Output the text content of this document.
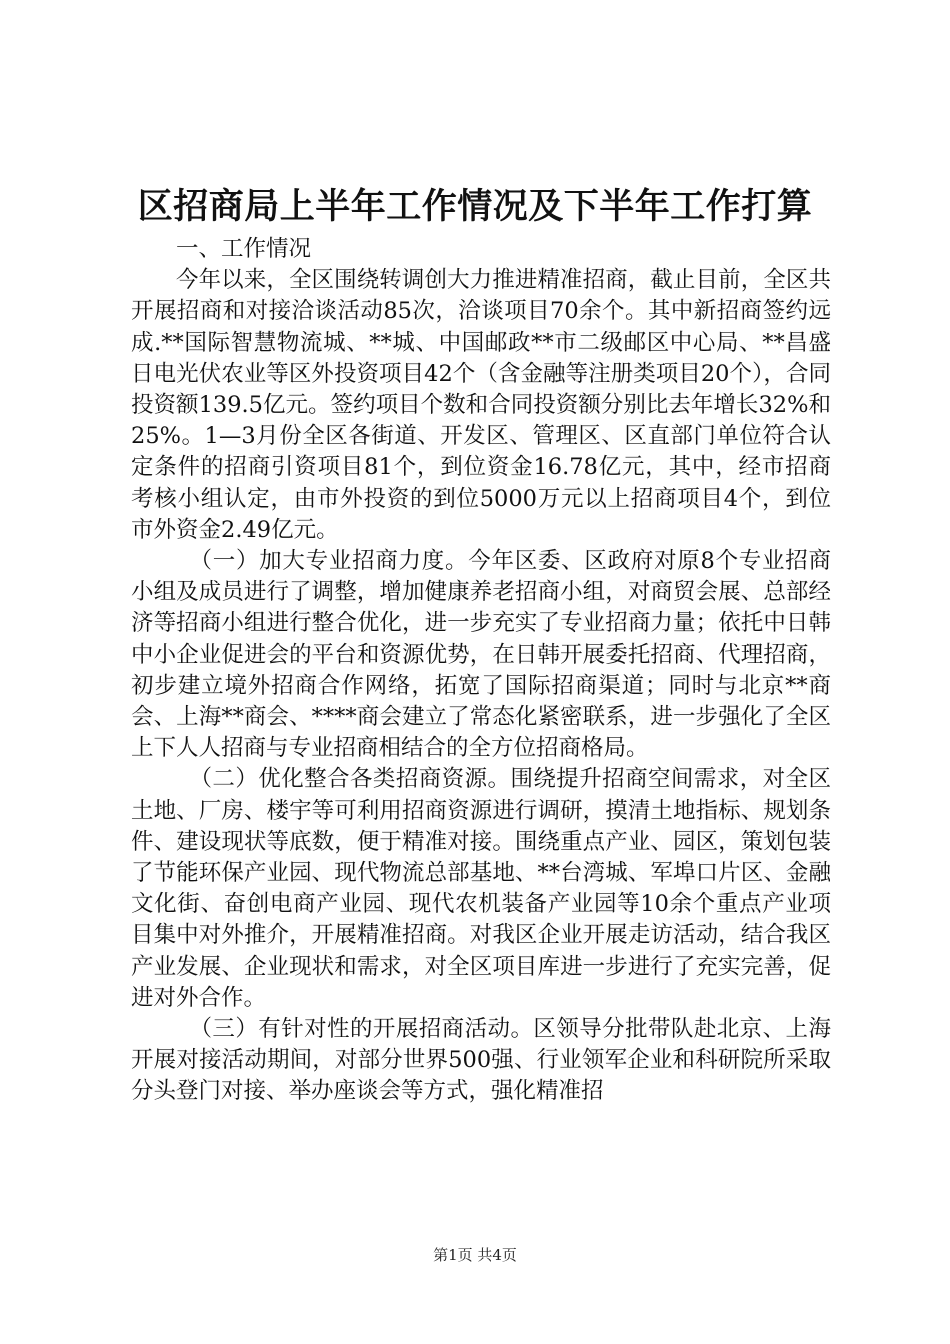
区招商局上半年工作情况及下半年工作打算

一、工作情况

今年以来，全区围绕转调创大力推进精准招商，截止目前，全区共开展招商和对接洽谈活动85次，洽谈项目70余个。其中新招商签约远成.**国际智慧物流城、**城、中国邮政**市二级邮区中心局、**昌盛日电光伏农业等区外投资项目42个（含金融等注册类项目20个），合同投资额139.5亿元。签约项目个数和合同投资额分别比去年增长32%和25%。1—3月份全区各街道、开发区、管理区、区直部门单位符合认定条件的招商引资项目81个，到位资金16.78亿元，其中，经市招商考核小组认定，由市外投资的到位5000万元以上招商项目4个，到位市外资金2.49亿元。

（一）加大专业招商力度。今年区委、区政府对原8个专业招商小组及成员进行了调整，增加健康养老招商小组，对商贸会展、总部经济等招商小组进行整合优化，进一步充实了专业招商力量；依托中日韩中小企业促进会的平台和资源优势，在日韩开展委托招商、代理招商，初步建立境外招商合作网络，拓宽了国际招商渠道；同时与北京**商会、上海**商会、****商会建立了常态化紧密联系，进一步强化了全区上下人人招商与专业招商相结合的全方位招商格局。

（二）优化整合各类招商资源。围绕提升招商空间需求，对全区土地、厂房、楼宇等可利用招商资源进行调研，摸清土地指标、规划条件、建设现状等底数，便于精准对接。围绕重点产业、园区，策划包装了节能环保产业园、现代物流总部基地、**台湾城、军埠口片区、金融文化街、奋创电商产业园、现代农机装备产业园等10余个重点产业项目集中对外推介，开展精准招商。对我区企业开展走访活动，结合我区产业发展、企业现状和需求，对全区项目库进一步进行了充实完善，促进对外合作。

（三）有针对性的开展招商活动。区领导分批带队赴北京、上海开展对接活动期间，对部分世界500强、行业领军企业和科研院所采取分头登门对接、举办座谈会等方式，强化精准招

第1页 共4页
